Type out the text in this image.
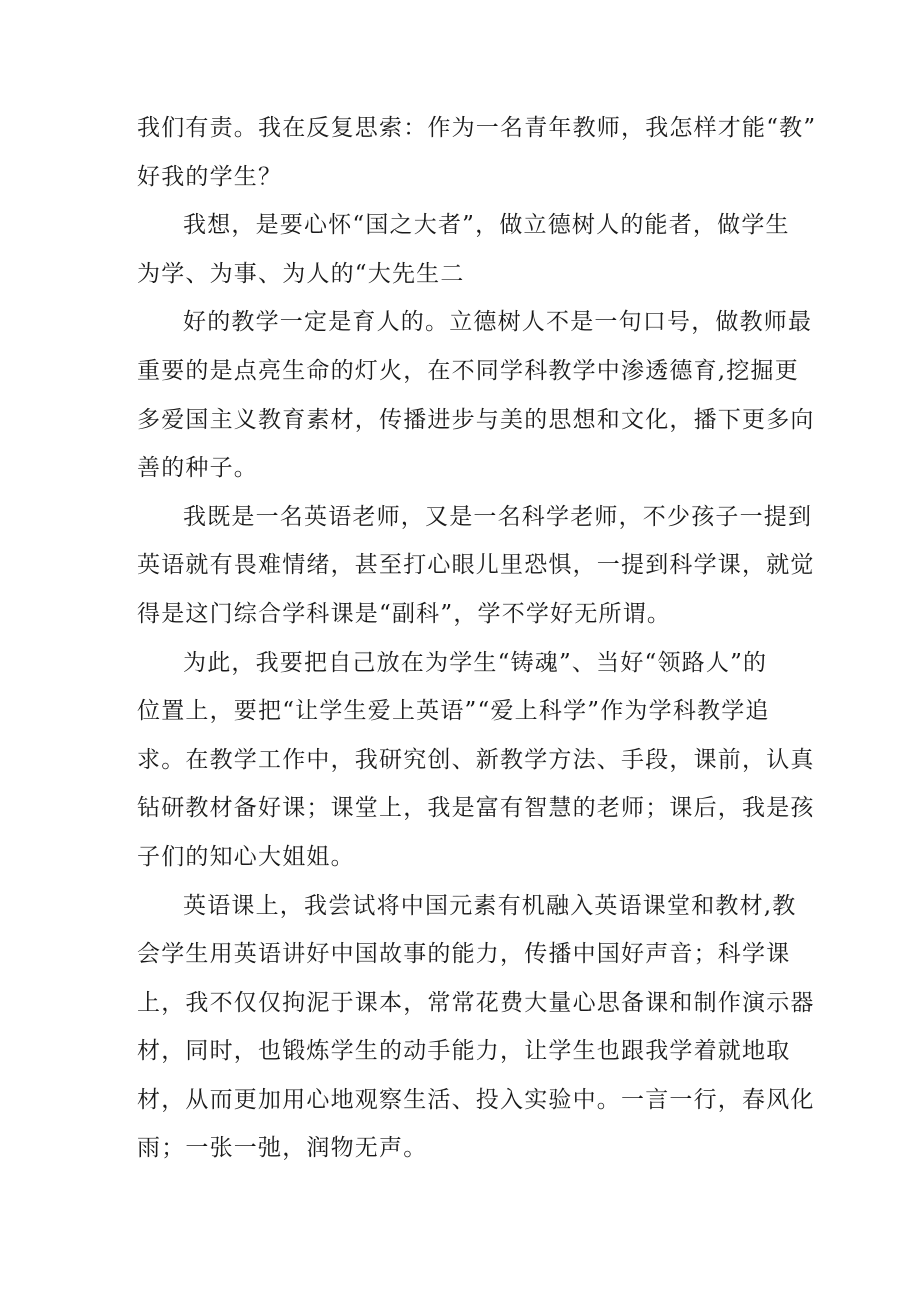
我们有责。我在反复思索：作为一名青年教师，我怎样才能“教”
好我的学生？
我想，是要心怀“国之大者”，做立德树人的能者，做学生
为学、为事、为人的“大先生二
好的教学一定是育人的。立德树人不是一句口号，做教师最
重要的是点亮生命的灯火，在不同学科教学中渗透德育,挖掘更
多爱国主义教育素材，传播进步与美的思想和文化，播下更多向
善的种子。
我既是一名英语老师，又是一名科学老师，不少孩子一提到
英语就有畏难情绪，甚至打心眼儿里恐惧，一提到科学课，就觉
得是这门综合学科课是“副科”，学不学好无所谓。
为此，我要把自己放在为学生“铸魂”、当好“领路人”的
位置上，要把“让学生爱上英语”“爱上科学”作为学科教学追
求。在教学工作中，我研究创、新教学方法、手段，课前，认真
钻研教材备好课；课堂上，我是富有智慧的老师；课后，我是孩
子们的知心大姐姐。
英语课上，我尝试将中国元素有机融入英语课堂和教材,教
会学生用英语讲好中国故事的能力，传播中国好声音；科学课
上，我不仅仅拘泥于课本，常常花费大量心思备课和制作演示器
材，同时，也锻炼学生的动手能力，让学生也跟我学着就地取
材，从而更加用心地观察生活、投入实验中。一言一行，春风化
雨；一张一弛，润物无声。
